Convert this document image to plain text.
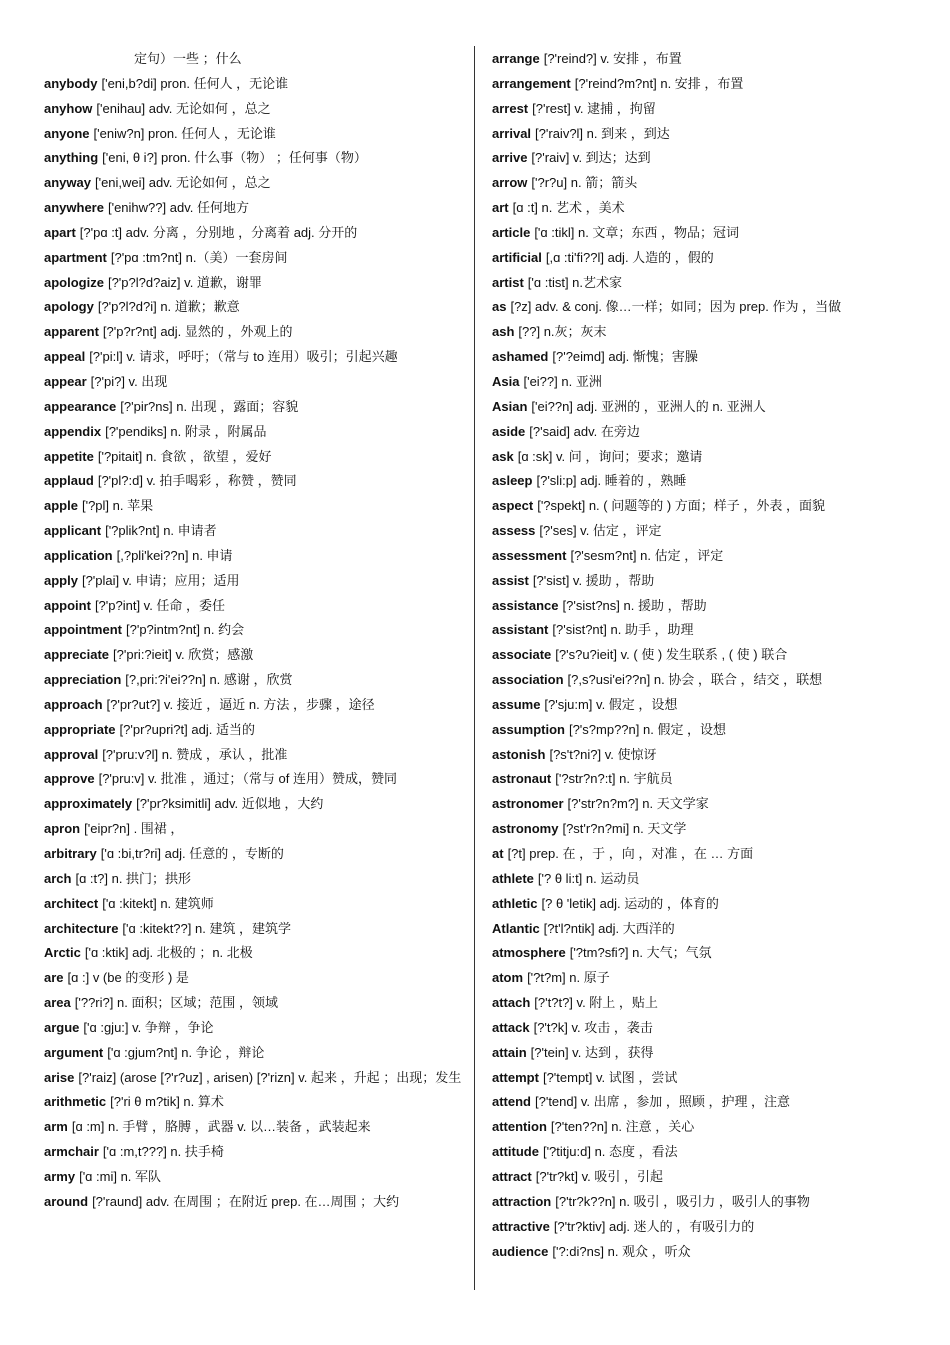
定句）一些 ；什么
anybody ['eni,b?di] pron. 任何人 ，无论谁
anyhow ['enihau] adv. 无论如何 ，总之
anyone ['eniw?n] pron. 任何人 ，无论谁
anything ['eni, θ i?] pron. 什么事（物） ；任何事（物）
anyway ['eni,wei] adv. 无论如何 ，总之
anywhere ['enihw??] adv. 任何地方
apart [?'pɑ :t] adv. 分离 ，分别地 ，分离着 adj. 分开的
apartment [?'pɑ :tm?nt] n.（美）一套房间
apologize [?'p?l?d?aiz] v. 道歉，谢罪
apology [?'p?l?d?i] n. 道歉；歉意
apparent [?'p?r?nt] adj. 显然的 ，外观上的
appeal [?'pi:l] v. 请求，呼吁；（常与 to 连用）吸引；引起兴趣
appear [?'pi?] v. 出现
appearance [?'pir?ns] n. 出现 ，露面；容貌
appendix [?'pendiks] n. 附录 ，附属品
appetite ['?pitait] n. 食欲 ，欲望 ，爱好
applaud [?'pl?:d] v. 拍手喝彩 ，称赞 ，赞同
apple ['?pl] n. 苹果
applicant ['?plik?nt] n. 申请者
application [,?pli'kei??n] n. 申请
apply [?'plai] v. 申请；应用；适用
appoint [?'p?int] v. 任命 ，委任
appointment [?'p?intm?nt] n. 约会
appreciate [?'pri:?ieit] v. 欣赏；感激
appreciation [?,pri:?i'ei??n] n. 感谢 ，欣赏
approach [?'pr?ut?] v. 接近 ，逼近 n. 方法 ，步骤 ，途径
appropriate [?'pr?upri?t] adj. 适当的
approval [?'pru:v?l] n. 赞成 ，承认 ，批准
approve [?'pru:v] v. 批准 ，通过；（常与 of 连用）赞成，赞同
approximately [?'pr?ksimitli] adv. 近似地 ，大约
apron ['eipr?n] . 围裙 ，
arbitrary ['ɑ :bi,tr?ri] adj. 任意的 ，专断的
arch [ɑ :t?] n. 拱门；拱形
architect ['ɑ :kitekt] n. 建筑师
architecture ['ɑ :kitekt??] n. 建筑 ，建筑学
Arctic ['ɑ :ktik] adj. 北极的 ；n. 北极
are [ɑ :] v (be 的变形 ) 是
area ['??ri?] n. 面积；区域；范围 ，领域
argue ['ɑ :gju:] v. 争辩 ，争论
argument ['ɑ :gjum?nt] n. 争论 ，辩论
arise [?'raiz] (arose [?'r?uz] , arisen) [?'rizn] v. 起来 ，升起 ；出现；发生
arithmetic [?'ri θ m?tik] n. 算术
arm [ɑ :m] n. 手臂 ，胳膊 ，武器 v. 以…装备 ，武装起来
armchair ['ɑ :m,t???] n. 扶手椅
army ['ɑ :mi] n. 军队
around [?'raund] adv. 在周围 ；在附近 prep. 在…周围 ；大约
arrange [?'reind?] v. 安排 ，布置
arrangement [?'reind?m?nt] n. 安排 ，布置
arrest [?'rest] v. 逮捕 ，拘留
arrival [?'raiv?l] n. 到来 ，到达
arrive [?'raiv] v. 到达；达到
arrow ['?r?u] n. 箭；箭头
art [ɑ :t] n. 艺术 ，美术
article ['ɑ :tikl] n. 文章；东西 ，物品；冠词
artificial [,ɑ :ti'fi??l] adj. 人造的 ，假的
artist ['ɑ :tist] n.艺术家
as [?z] adv. & conj. 像…一样；如同；因为 prep. 作为 ，当做
ash [??] n.灰；灰末
ashamed [?'?eimd] adj. 惭愧；害臊
Asia ['ei??] n. 亚洲
Asian ['ei??n] adj. 亚洲的 ，亚洲人的 n. 亚洲人
aside [?'said] adv. 在旁边
ask [ɑ :sk] v. 问 ，询问；要求；邀请
asleep [?'sli:p] adj. 睡着的 ，熟睡
aspect ['?spekt] n. ( 问题等的 ) 方面；样子 ，外表 ，面貌
assess [?'ses] v. 估定 ，评定
assessment [?'sesm?nt] n. 估定 ，评定
assist [?'sist] v. 援助 ，帮助
assistance [?'sist?ns] n. 援助 ，帮助
assistant [?'sist?nt] n. 助手 ，助理
associate [?'s?u?ieit] v. ( 使 ) 发生联系 , ( 使 ) 联合
association [?,s?usi'ei??n] n. 协会 ，联合 ，结交 ，联想
assume [?'sju:m] v. 假定 ，设想
assumption [?'s?mp??n] n. 假定 ，设想
astonish [?s't?ni?] v. 使惊讶
astronaut ['?str?n?:t] n. 宇航员
astronomer [?'str?n?m?] n. 天文学家
astronomy [?st'r?n?mi] n. 天文学
at [?t] prep. 在 ，于 ，向 ，对准 ，在 … 方面
athlete ['? θ li:t] n. 运动员
athletic [? θ 'letik] adj. 运动的 ，体育的
Atlantic [?t'l?ntik] adj. 大西洋的
atmosphere ['?tm?sfi?] n. 大气；气氛
atom ['?t?m] n. 原子
attach [?'t?t?] v. 附上 ，贴上
attack [?'t?k] v. 攻击 ，袭击
attain [?'tein] v. 达到 ，获得
attempt [?'tempt] v. 试图 ，尝试
attend [?'tend] v. 出席 ，参加 ，照顾 ，护理 ，注意
attention [?'ten??n] n. 注意 ，关心
attitude ['?titju:d] n. 态度 ，看法
attract [?'tr?kt] v. 吸引 ，引起
attraction [?'tr?k??n] n. 吸引 ，吸引力 ，吸引人的事物
attractive [?'tr?ktiv] adj. 迷人的 ，有吸引力的
audience ['?:di?ns] n. 观众 ，听众
